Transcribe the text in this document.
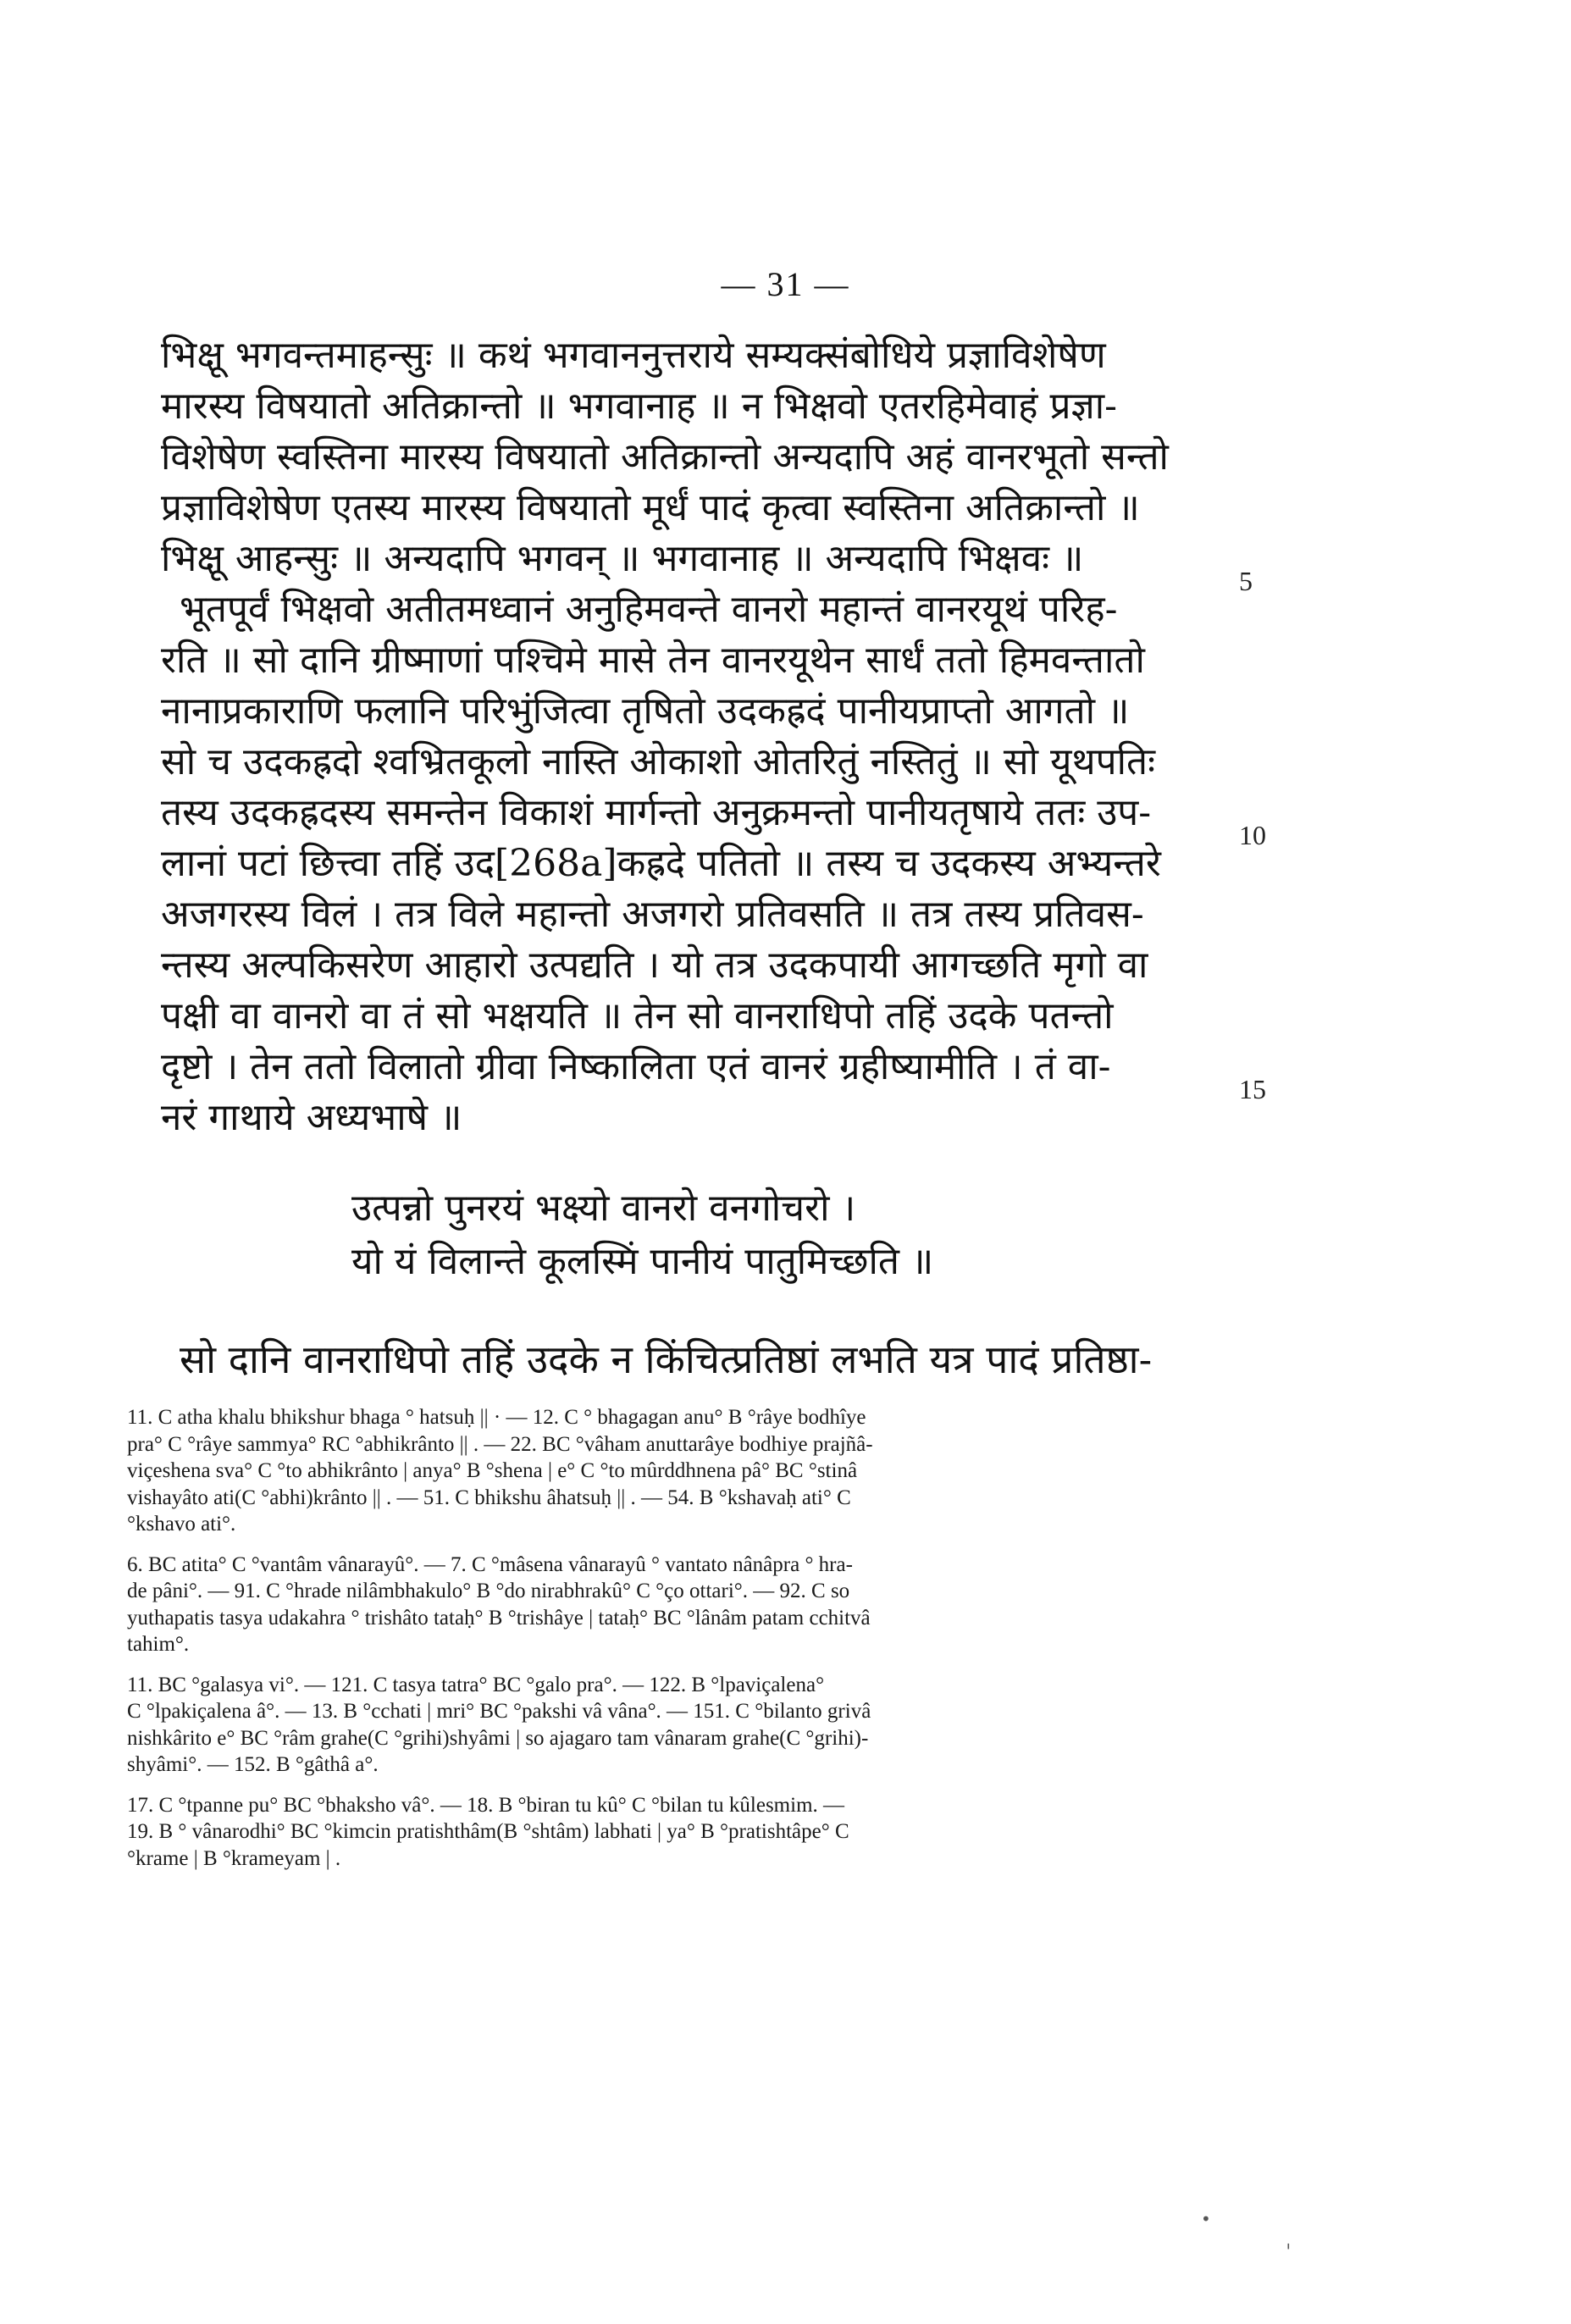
— 31 —
भिक्षू भगवन्तमाहन्सुः ॥ कथं भगवाननुत्तराये सम्यक्संबोधिये प्रज्ञाविशेषेण
मारस्य विषयातो अतिक्रान्तो ॥ भगवानाह ॥ न भिक्षवो एतरहिमेवाहं प्रज्ञा-
विशेषेण स्वस्तिना मारस्य विषयातो अतिक्रान्तो अन्यदापि अहं वानरभूतो सन्तो
प्रज्ञाविशेषेण एतस्य मारस्य विषयातो मूर्धं पादं कृत्वा स्वस्तिना अतिक्रान्तो ॥
भिक्षू आहन्सुः ॥ अन्यदापि भगवन् ॥ भगवानाह ॥ अन्यदापि भिक्षवः ॥
भूतपूर्वं भिक्षवो अतीतमध्वानं अनुहिमवन्ते वानरो महान्तं वानरयूथं परिह-
रति ॥ सो दानि ग्रीष्माणां पश्चिमे मासे तेन वानरयूथेन सार्धं ततो हिमवन्तातो
नानाप्रकाराणि फलानि परिभुंजित्वा तृषितो उदकह्रदं पानीयप्राप्तो आगतो ॥
सो च उदकह्रदो श्वभ्रितकूलो नास्ति ओकाशो ओतरितुं नस्तितुं ॥ सो यूथपतिः
तस्य उदकह्रदस्य समन्तेन विकाशं मार्गन्तो अनुक्रमन्तो पानीयतृषाये ततः उप-
लानां पटां छित्त्वा तहिं उद[268a]कह्रदे पतितो ॥ तस्य च उदकस्य अभ्यन्तरे
अजगरस्य विलं । तत्र विले महान्तो अजगरो प्रतिवसति ॥ तत्र तस्य प्रतिवस-
न्तस्य अल्पकिसरेण आहारो उत्पद्यति । यो तत्र उदकपायी आगच्छति मृगो वा
पक्षी वा वानरो वा तं सो भक्षयति ॥ तेन सो वानराधिपो तहिं उदके पतन्तो
दृष्टो । तेन ततो विलातो ग्रीवा निष्कालिता एतं वानरं ग्रहीष्यामीति । तं वा-
नरं गाथाये अध्यभाषे ॥
5
10
15
उत्पन्नो पुनरयं भक्ष्यो वानरो वनगोचरो ।
यो यं विलान्ते कूलस्मिं पानीयं पातुमिच्छति ॥
सो दानि वानराधिपो तहिं उदके न किंचित्प्रतिष्ठां लभति यत्र पादं प्रतिष्ठा-
11. C atha khalu bhikshur bhaga ° hatsuḥ || · — 12. C ° bhagagan anu° B °râye bodhîye
pra° C °râye sammya° RC °abhikrânto || . — 22. BC °vâham anuttarâye bodhiye prajñâ-
viçeshena sva° C °to abhikrânto | anya° B °shena | e° C °to mûrddhnena pâ° BC °stinâ
vishayâto ati(C °abhi)krânto || . — 51. C bhikshu âhatsuḥ || . — 54. B °kshavaḥ ati° C
°kshavo ati°.
6. BC atita° C °vantâm vânarayû°. — 7. C °mâsena vânarayû ° vantato nânâpra ° hra-
de pâni°. — 91. C °hrade nilâmbhakulo° B °do nirabhrakû° C °ço ottari°. — 92. C so
yuthapatis tasya udakahra ° trishâto tataḥ° B °trishâye | tataḥ° BC °lânâm patam cchitvâ
tahim°.
11. BC °galasya vi°. — 121. C tasya tatra° BC °galo pra°. — 122. B °lpaviçalena°
C °lpakiçalena â°. — 13. B °cchati | mri° BC °pakshi vâ vâna°. — 151. C °bilanto grivâ
nishkârito e° BC °râm grahe(C °grihi)shyâmi | so ajagaro tam vânaram grahe(C °grihi)-
shyâmi°. — 152. B °gâthâ a°.
17. C °tpanne pu° BC °bhaksho vâ°. — 18. B °biran tu kû° C °bilan tu kûlesmim. —
19. B ° vânarodhi° BC °kimcin pratishthâm(B °shtâm) labhati | ya° B °pratishtâpe° C
°krame | B °krameyam | .
•
ˌ
